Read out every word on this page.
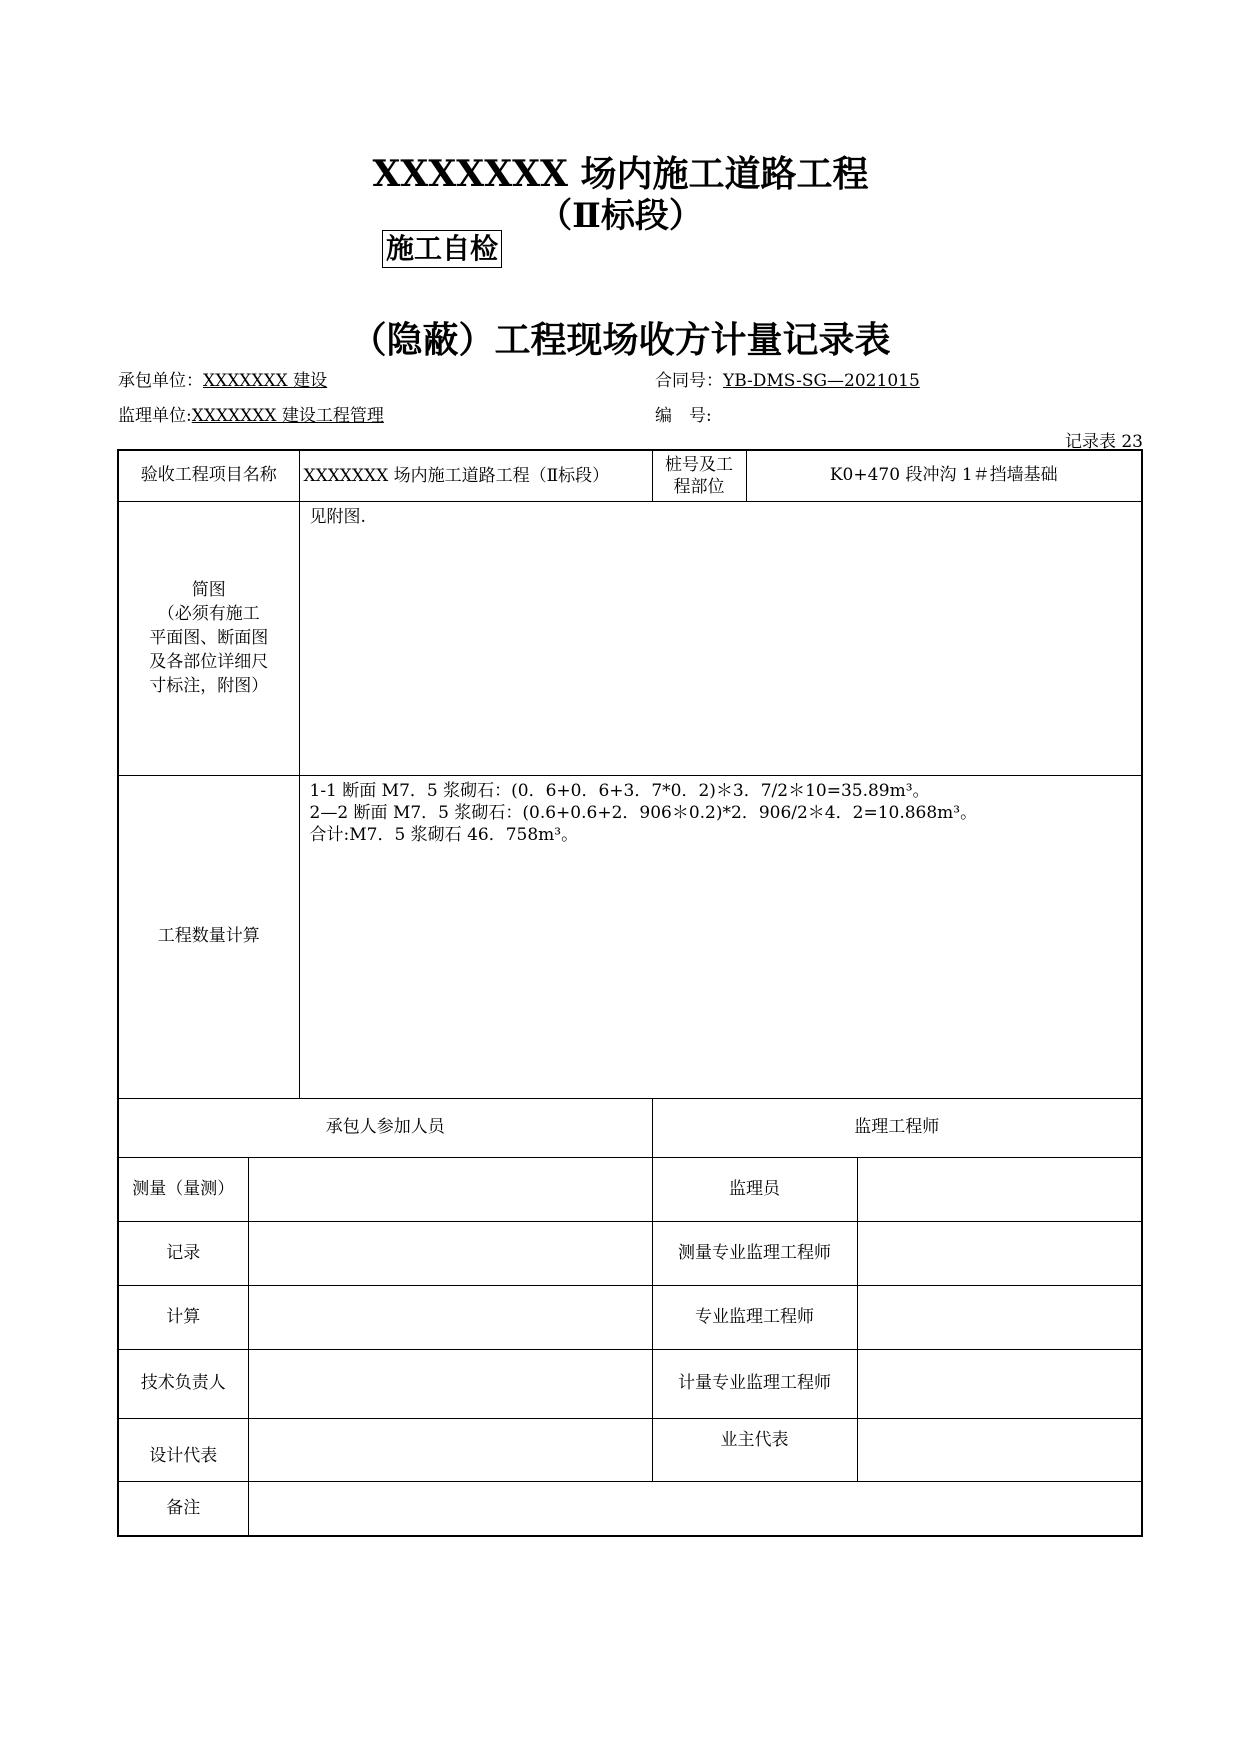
XXXXXXX 场内施工道路工程
（Ⅱ标段）
施工自检
（隐蔽）工程现场收方计量记录表
承包单位：XXXXXXX 建设	合同号：YB-DMS-SG—2021015
监理单位:XXXXXXX 建设工程管理	编　号:
记录表 23
验收工程项目名称		XXXXXXX 场内施工道路工程（Ⅱ标段）	桩号及工程部位	K0+470 段冲沟 1＃挡墙基础	

简图
（必须有施工
平面图、断面图
及各部位详细尺
寸标注，附图）		见附图.			
工程数量计算		1-1 断面 M7．5 浆砌石：(0．6+0．6+3．7*0．2)＊3．7/2＊10=35.89m³。
2—2 断面 M7．5 浆砌石：(0.6+0.6+2．906＊0.2)*2．906/2＊4．2=10.868m³。
合计:M7．5 浆砌石 46．758m³。			

承包人参加人员			监理工程师		
测量（量测）			监理员		
记录			测量专业监理工程师		
计算			专业监理工程师		
技术负责人			计量专业监理工程师		
设计代表			业主代表		
备注					
